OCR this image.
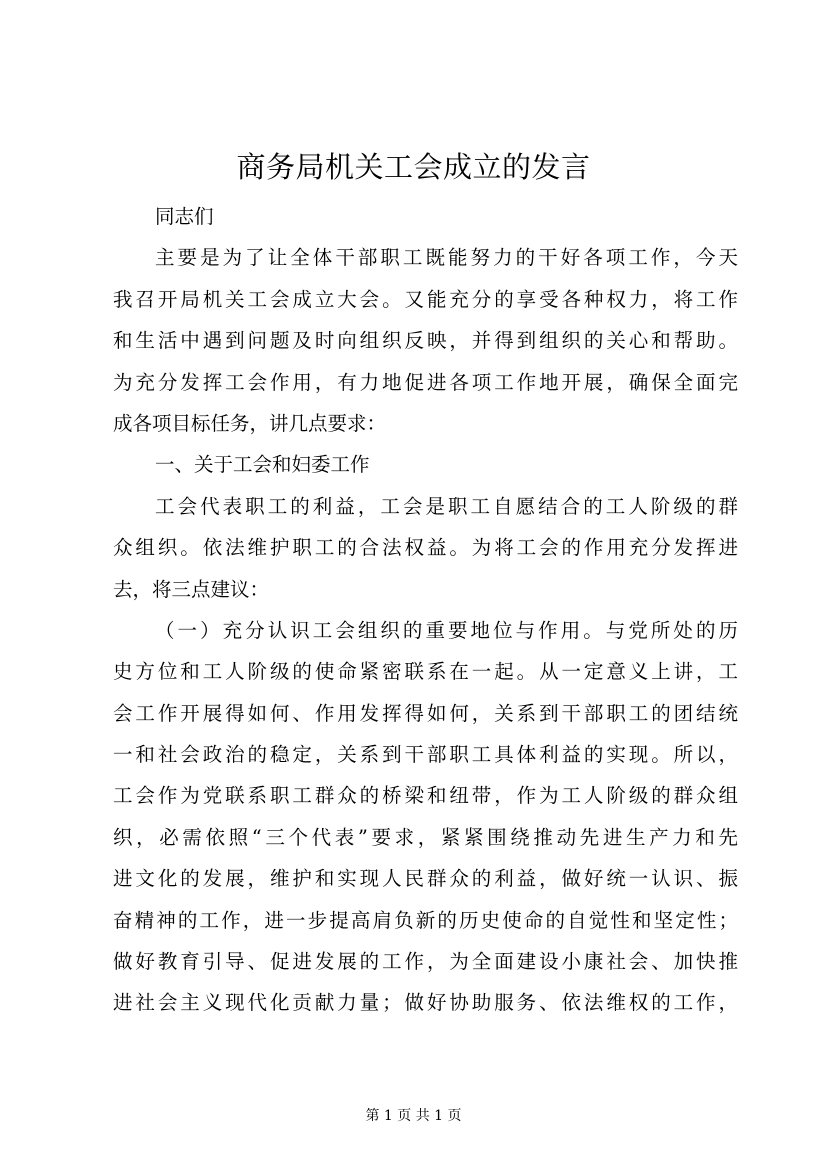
商务局机关工会成立的发言
同志们
主要是为了让全体干部职工既能努力的干好各项工作，今天
我召开局机关工会成立大会。又能充分的享受各种权力，将工作
和生活中遇到问题及时向组织反映，并得到组织的关心和帮助。
为充分发挥工会作用，有力地促进各项工作地开展，确保全面完
成各项目标任务，讲几点要求：
一、关于工会和妇委工作
工会代表职工的利益，工会是职工自愿结合的工人阶级的群
众组织。依法维护职工的合法权益。为将工会的作用充分发挥进
去，将三点建议：
（一）充分认识工会组织的重要地位与作用。与党所处的历
史方位和工人阶级的使命紧密联系在一起。从一定意义上讲，工
会工作开展得如何、作用发挥得如何，关系到干部职工的团结统
一和社会政治的稳定，关系到干部职工具体利益的实现。所以，
工会作为党联系职工群众的桥梁和纽带，作为工人阶级的群众组
织，必需依照“三个代表”要求，紧紧围绕推动先进生产力和先
进文化的发展，维护和实现人民群众的利益，做好统一认识、振
奋精神的工作，进一步提高肩负新的历史使命的自觉性和坚定性；
做好教育引导、促进发展的工作，为全面建设小康社会、加快推
进社会主义现代化贡献力量；做好协助服务、依法维权的工作，
第 1 页 共 1 页
